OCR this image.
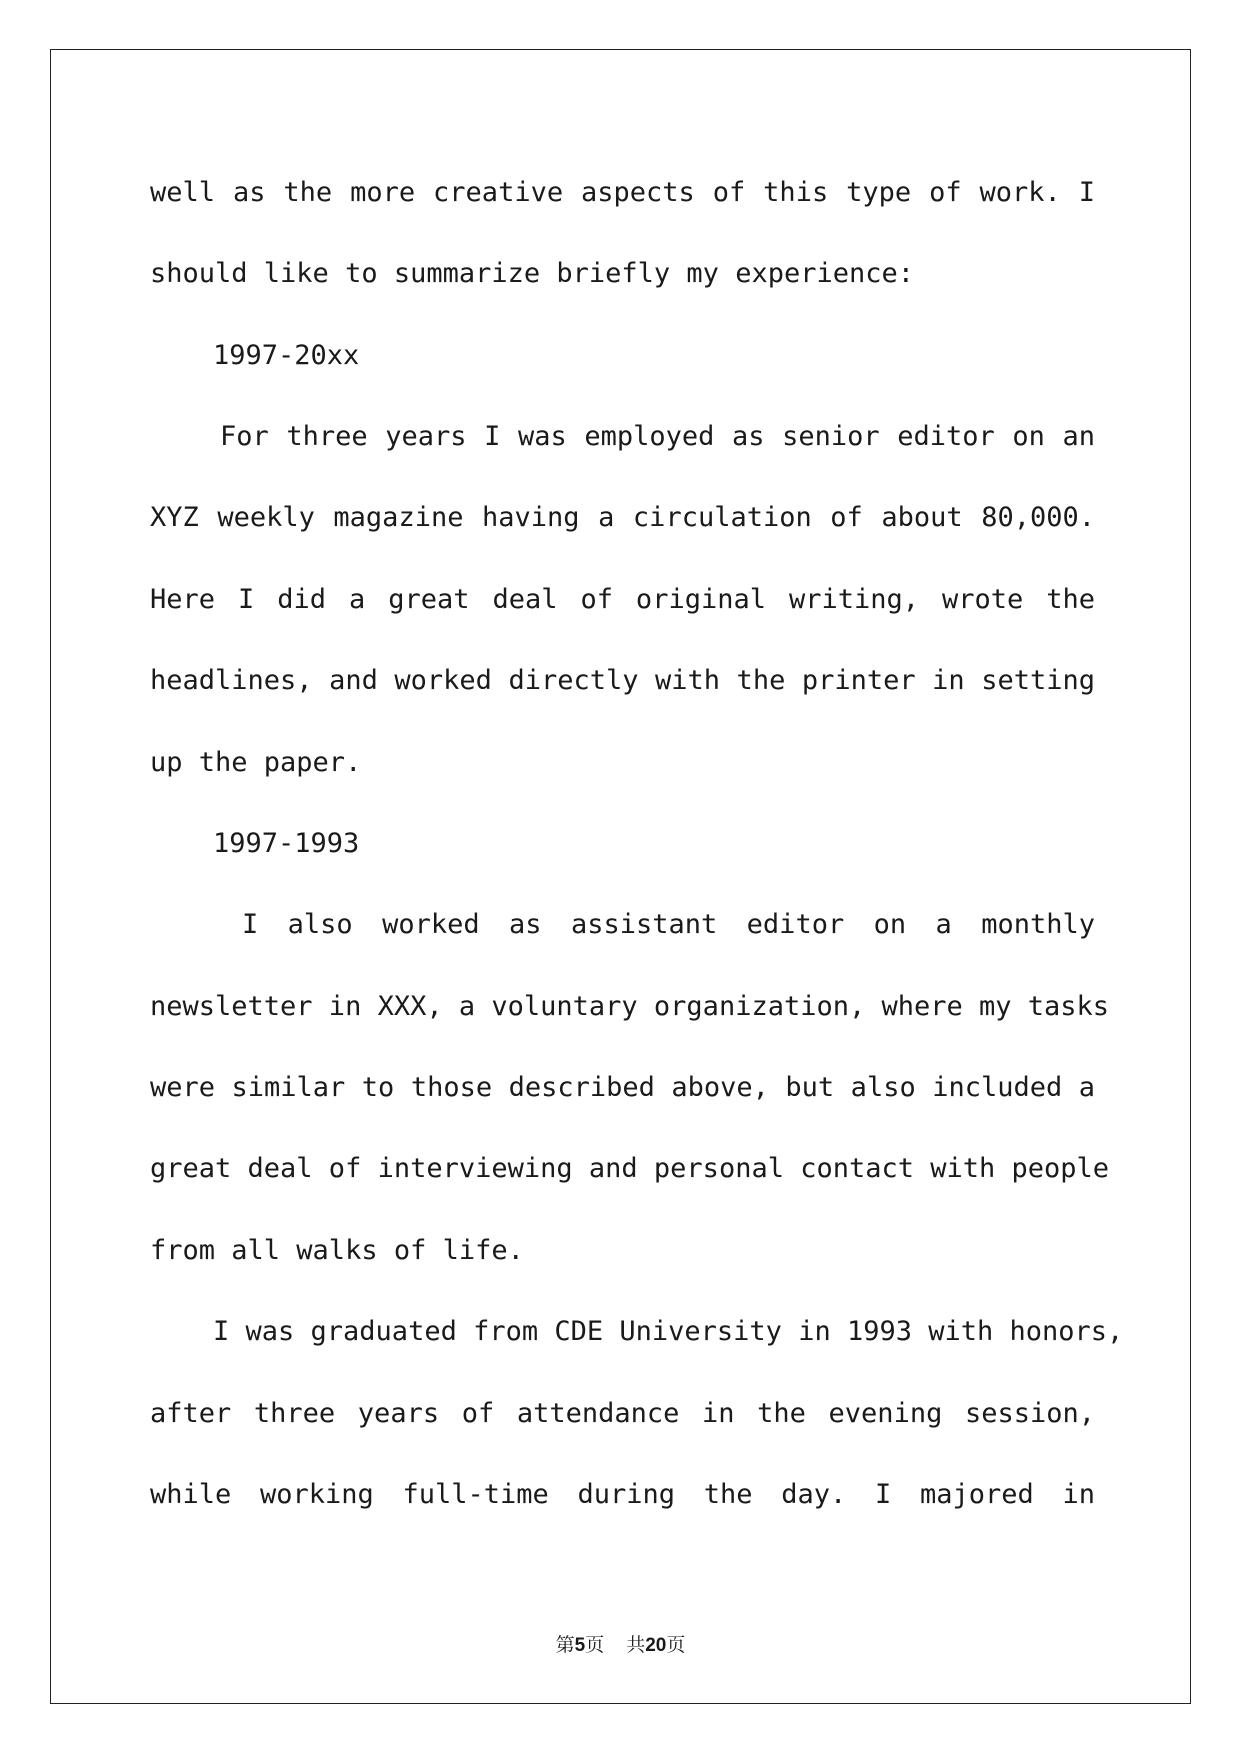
well as the more creative aspects of this type of work. I
should like to summarize briefly my experience:
1997-20xx
For three years I was employed as senior editor on an
XYZ weekly magazine having a circulation of about 80,000.
Here I did a great deal of original writing, wrote the
headlines, and worked directly with the printer in setting
up the paper.
1997-1993
I also worked as assistant editor on a monthly
newsletter in XXX, a voluntary organization, where my tasks
were similar to those described above, but also included a
great deal of interviewing and personal contact with people
from all walks of life.
I was graduated from CDE University in 1993 with honors,
after three years of attendance in the evening session,
while working full-time during the day. I majored in
第5页 共20页
